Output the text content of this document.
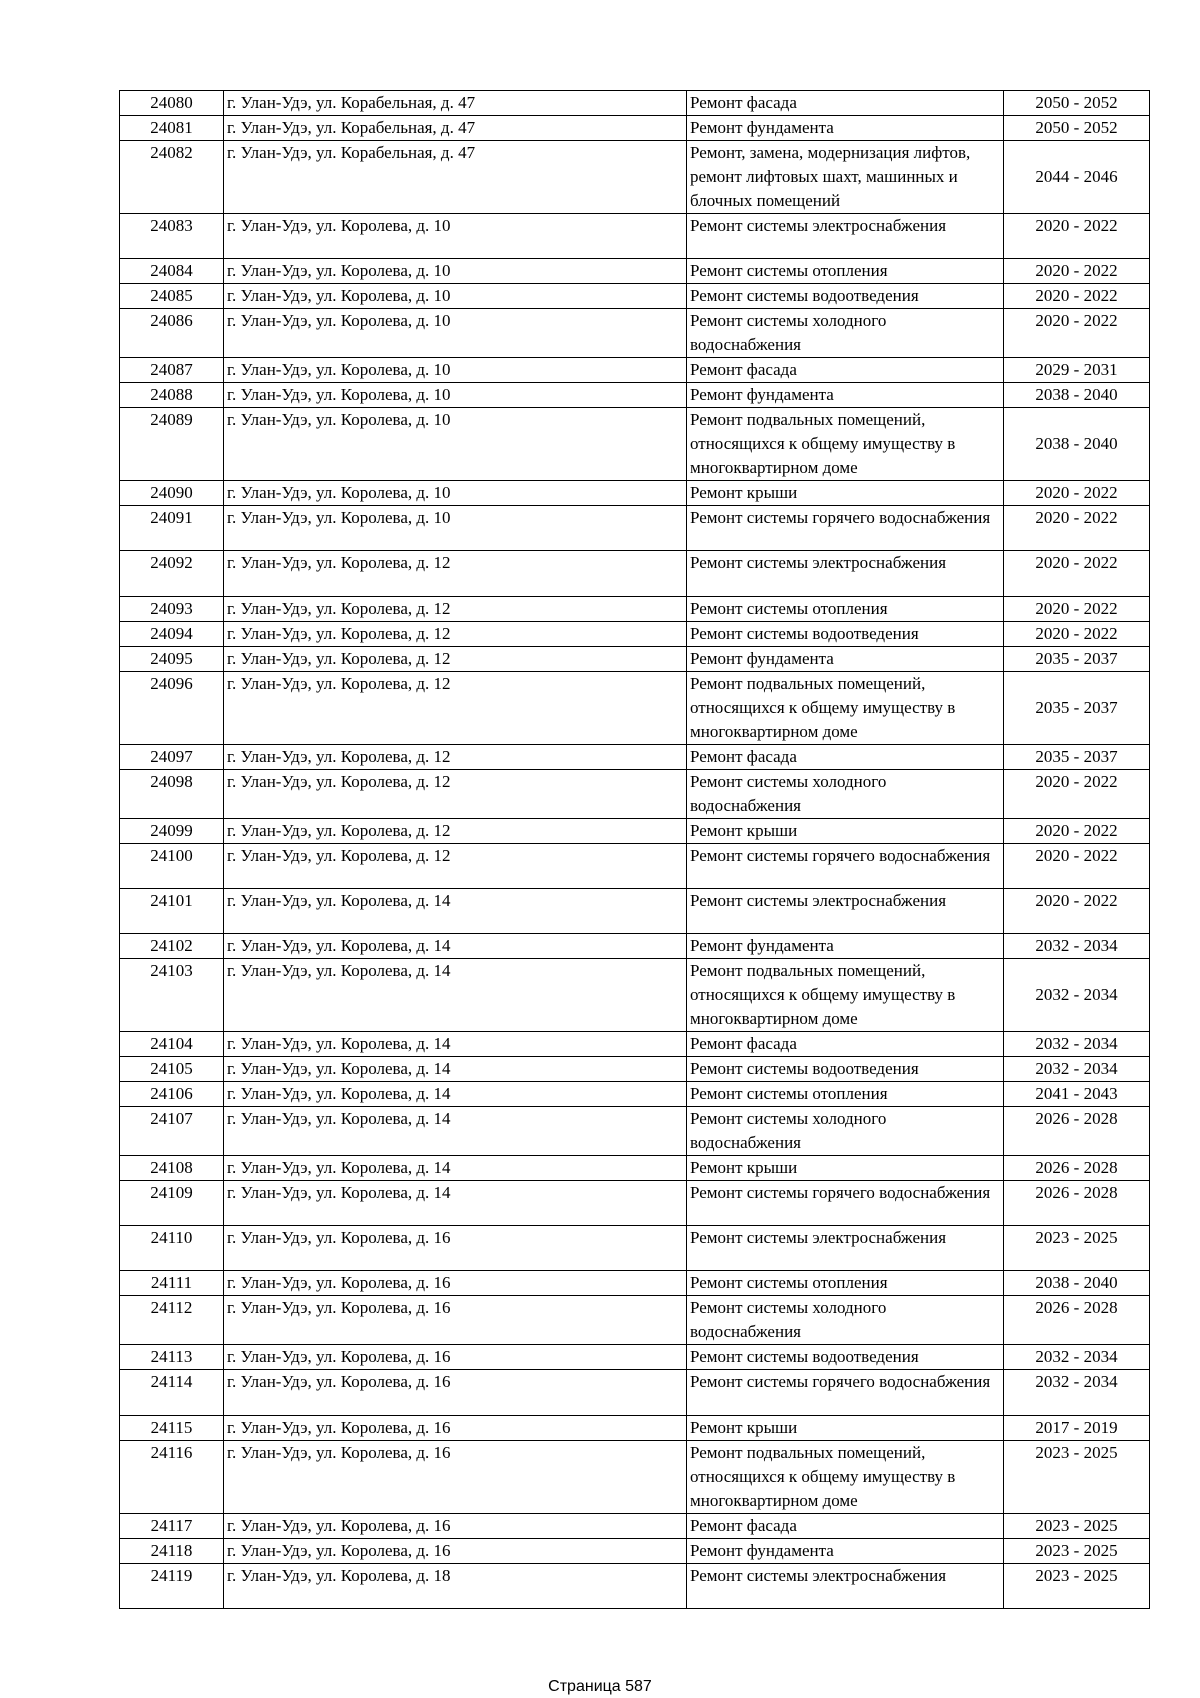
24080	г. Улан-Удэ, ул. Корабельная, д. 47	Ремонт фасада	2050 - 2052
24081	г. Улан-Удэ, ул. Корабельная, д. 47	Ремонт фундамента	2050 - 2052
24082	г. Улан-Удэ, ул. Корабельная, д. 47	Ремонт, замена, модернизация лифтов, ремонт лифтовых шахт, машинных и блочных помещений	2044 - 2046
24083	г. Улан-Удэ, ул. Королева, д. 10	Ремонт системы электроснабжения	2020 - 2022
24084	г. Улан-Удэ, ул. Королева, д. 10	Ремонт системы отопления	2020 - 2022
24085	г. Улан-Удэ, ул. Королева, д. 10	Ремонт системы водоотведения	2020 - 2022
24086	г. Улан-Удэ, ул. Королева, д. 10	Ремонт системы холодного водоснабжения	2020 - 2022
24087	г. Улан-Удэ, ул. Королева, д. 10	Ремонт фасада	2029 - 2031
24088	г. Улан-Удэ, ул. Королева, д. 10	Ремонт фундамента	2038 - 2040
24089	г. Улан-Удэ, ул. Королева, д. 10	Ремонт подвальных помещений, относящихся к общему имуществу в многоквартирном доме	2038 - 2040
24090	г. Улан-Удэ, ул. Королева, д. 10	Ремонт крыши	2020 - 2022
24091	г. Улан-Удэ, ул. Королева, д. 10	Ремонт системы горячего водоснабжения	2020 - 2022
24092	г. Улан-Удэ, ул. Королева, д. 12	Ремонт системы электроснабжения	2020 - 2022
24093	г. Улан-Удэ, ул. Королева, д. 12	Ремонт системы отопления	2020 - 2022
24094	г. Улан-Удэ, ул. Королева, д. 12	Ремонт системы водоотведения	2020 - 2022
24095	г. Улан-Удэ, ул. Королева, д. 12	Ремонт фундамента	2035 - 2037
24096	г. Улан-Удэ, ул. Королева, д. 12	Ремонт подвальных помещений, относящихся к общему имуществу в многоквартирном доме	2035 - 2037
24097	г. Улан-Удэ, ул. Королева, д. 12	Ремонт фасада	2035 - 2037
24098	г. Улан-Удэ, ул. Королева, д. 12	Ремонт системы холодного водоснабжения	2020 - 2022
24099	г. Улан-Удэ, ул. Королева, д. 12	Ремонт крыши	2020 - 2022
24100	г. Улан-Удэ, ул. Королева, д. 12	Ремонт системы горячего водоснабжения	2020 - 2022
24101	г. Улан-Удэ, ул. Королева, д. 14	Ремонт системы электроснабжения	2020 - 2022
24102	г. Улан-Удэ, ул. Королева, д. 14	Ремонт фундамента	2032 - 2034
24103	г. Улан-Удэ, ул. Королева, д. 14	Ремонт подвальных помещений, относящихся к общему имуществу в многоквартирном доме	2032 - 2034
24104	г. Улан-Удэ, ул. Королева, д. 14	Ремонт фасада	2032 - 2034
24105	г. Улан-Удэ, ул. Королева, д. 14	Ремонт системы водоотведения	2032 - 2034
24106	г. Улан-Удэ, ул. Королева, д. 14	Ремонт системы отопления	2041 - 2043
24107	г. Улан-Удэ, ул. Королева, д. 14	Ремонт системы холодного водоснабжения	2026 - 2028
24108	г. Улан-Удэ, ул. Королева, д. 14	Ремонт крыши	2026 - 2028
24109	г. Улан-Удэ, ул. Королева, д. 14	Ремонт системы горячего водоснабжения	2026 - 2028
24110	г. Улан-Удэ, ул. Королева, д. 16	Ремонт системы электроснабжения	2023 - 2025
24111	г. Улан-Удэ, ул. Королева, д. 16	Ремонт системы отопления	2038 - 2040
24112	г. Улан-Удэ, ул. Королева, д. 16	Ремонт системы холодного водоснабжения	2026 - 2028
24113	г. Улан-Удэ, ул. Королева, д. 16	Ремонт системы водоотведения	2032 - 2034
24114	г. Улан-Удэ, ул. Королева, д. 16	Ремонт системы горячего водоснабжения	2032 - 2034
24115	г. Улан-Удэ, ул. Королева, д. 16	Ремонт крыши	2017 - 2019
24116	г. Улан-Удэ, ул. Королева, д. 16	Ремонт подвальных помещений, относящихся к общему имуществу в многоквартирном доме	2023 - 2025
24117	г. Улан-Удэ, ул. Королева, д. 16	Ремонт фасада	2023 - 2025
24118	г. Улан-Удэ, ул. Королева, д. 16	Ремонт фундамента	2023 - 2025
24119	г. Улан-Удэ, ул. Королева, д. 18	Ремонт системы электроснабжения	2023 - 2025
Страница 587
